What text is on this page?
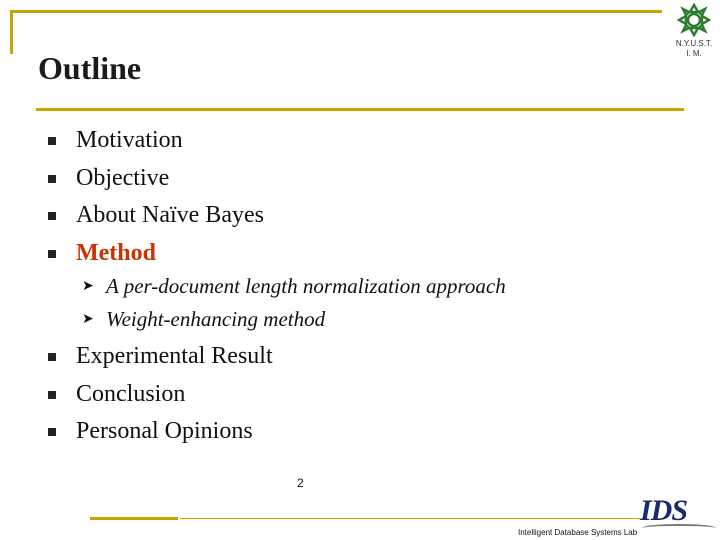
N.Y.U.S.T.
I. M.
Outline
Motivation
Objective
About Naïve Bayes
Method
➤ A per-document length normalization approach
➤ Weight-enhancing method
Experimental Result
Conclusion
Personal Opinions
2
Intelligent Database Systems Lab
IDS
